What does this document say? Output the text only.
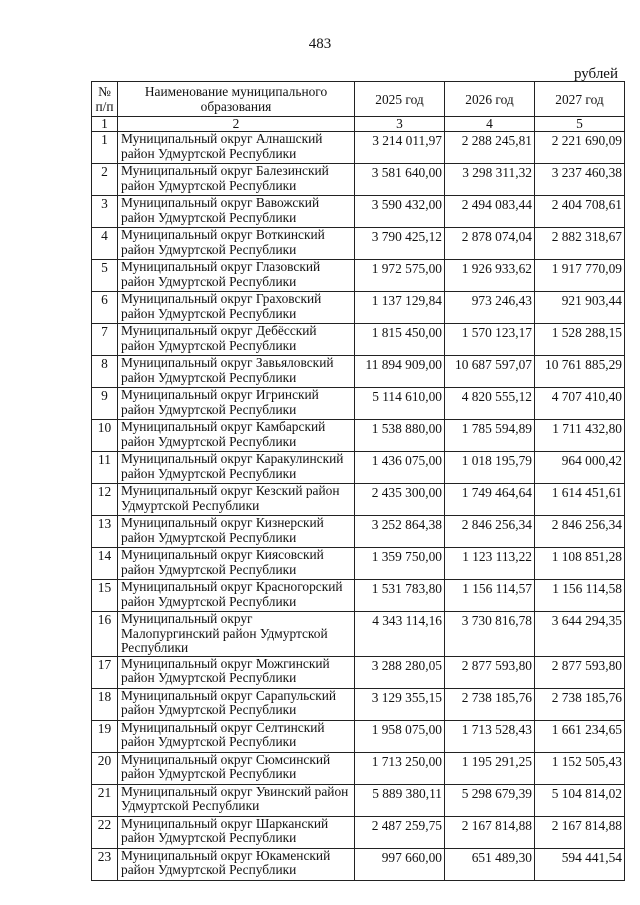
483
рублей
№ п/п	Наименование муниципального образования	2025 год	2026 год	2027 год
1	2	3	4	5
1	Муниципальный округ Алнашский район Удмуртской Республики	3 214 011,97	2 288 245,81	2 221 690,09
2	Муниципальный округ Балезинский район Удмуртской Республики	3 581 640,00	3 298 311,32	3 237 460,38
3	Муниципальный округ Вавожский район Удмуртской Республики	3 590 432,00	2 494 083,44	2 404 708,61
4	Муниципальный округ Воткинский район Удмуртской Республики	3 790 425,12	2 878 074,04	2 882 318,67
5	Муниципальный округ Глазовский район Удмуртской Республики	1 972 575,00	1 926 933,62	1 917 770,09
6	Муниципальный округ Граховский район Удмуртской Республики	1 137 129,84	973 246,43	921 903,44
7	Муниципальный округ Дебёсский район Удмуртской Республики	1 815 450,00	1 570 123,17	1 528 288,15
8	Муниципальный округ Завьяловский район Удмуртской Республики	11 894 909,00	10 687 597,07	10 761 885,29
9	Муниципальный округ Игринский район Удмуртской Республики	5 114 610,00	4 820 555,12	4 707 410,40
10	Муниципальный округ Камбарский район Удмуртской Республики	1 538 880,00	1 785 594,89	1 711 432,80
11	Муниципальный округ Каракулинский район Удмуртской Республики	1 436 075,00	1 018 195,79	964 000,42
12	Муниципальный округ Кезский район Удмуртской Республики	2 435 300,00	1 749 464,64	1 614 451,61
13	Муниципальный округ Кизнерский район Удмуртской Республики	3 252 864,38	2 846 256,34	2 846 256,34
14	Муниципальный округ Киясовский район Удмуртской Республики	1 359 750,00	1 123 113,22	1 108 851,28
15	Муниципальный округ Красногорский район Удмуртской Республики	1 531 783,80	1 156 114,57	1 156 114,58
16	Муниципальный округ Малопургинский район Удмуртской Республики	4 343 114,16	3 730 816,78	3 644 294,35
17	Муниципальный округ Можгинский район Удмуртской Республики	3 288 280,05	2 877 593,80	2 877 593,80
18	Муниципальный округ Сарапульский район Удмуртской Республики	3 129 355,15	2 738 185,76	2 738 185,76
19	Муниципальный округ Селтинский район Удмуртской Республики	1 958 075,00	1 713 528,43	1 661 234,65
20	Муниципальный округ Сюмсинский район Удмуртской Республики	1 713 250,00	1 195 291,25	1 152 505,43
21	Муниципальный округ Увинский район Удмуртской Республики	5 889 380,11	5 298 679,39	5 104 814,02
22	Муниципальный округ Шарканский район Удмуртской Республики	2 487 259,75	2 167 814,88	2 167 814,88
23	Муниципальный округ Юкаменский район Удмуртской Республики	997 660,00	651 489,30	594 441,54
